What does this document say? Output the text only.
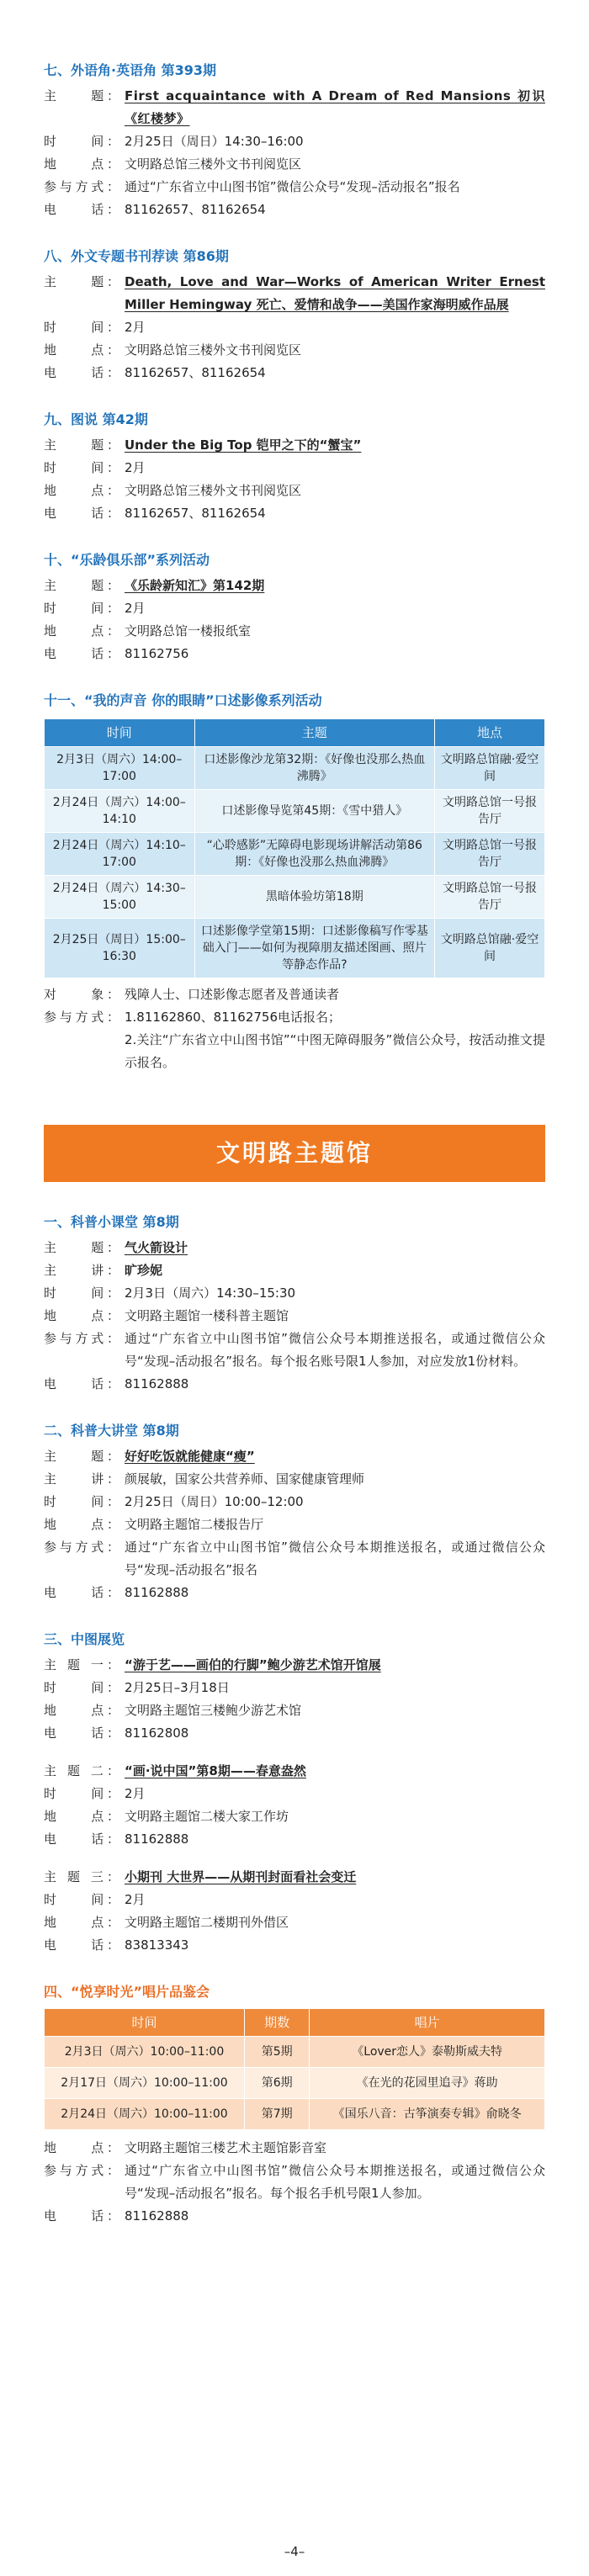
七、外语角·英语角 第393期
主　　题： First acquaintance with A Dream of Red Mansions 初识《红楼梦》
时　　间： 2月25日（周日）14:30–16:00
地　　点： 文明路总馆三楼外文书刊阅览区
参与方式： 通过“广东省立中山图书馆”微信公众号“发现–活动报名”报名
电　　话： 81162657、81162654
八、外文专题书刊荐读 第86期
主　　题： Death, Love and War—Works of American Writer Ernest Miller Hemingway 死亡、爱情和战争——美国作家海明威作品展
时　　间： 2月
地　　点： 文明路总馆三楼外文书刊阅览区
电　　话： 81162657、81162654
九、图说 第42期
主　　题： Under the Big Top 铠甲之下的“蟹宝”
时　　间： 2月
地　　点： 文明路总馆三楼外文书刊阅览区
电　　话： 81162657、81162654
十、“乐龄俱乐部”系列活动
主　　题： 《乐龄新知汇》第142期
时　　间： 2月
地　　点： 文明路总馆一楼报纸室
电　　话： 81162756
十一、“我的声音 你的眼睛”口述影像系列活动
时间	主题	地点
2月3日（周六）14:00–17:00	口述影像沙龙第32期：《好像也没那么热血沸腾》	文明路总馆融·爱空间
2月24日（周六）14:00–14:10	口述影像导览第45期：《雪中猎人》	文明路总馆一号报告厅
2月24日（周六）14:10–17:00	“心聆感影”无障碍电影现场讲解活动第86期：《好像也没那么热血沸腾》	文明路总馆一号报告厅
2月24日（周六）14:30–15:00	黑暗体验坊第18期	文明路总馆一号报告厅
2月25日（周日）15:00–16:30	口述影像学堂第15期：口述影像稿写作零基础入门——如何为视障朋友描述图画、照片等静态作品?	文明路总馆融·爱空间
对　　象： 残障人士、口述影像志愿者及普通读者
参与方式： 1.81162860、81162756电话报名；
2.关注“广东省立中山图书馆”“中图无障碍服务”微信公众号，按活动推文提示报名。
文明路主题馆
一、科普小课堂 第8期
主　　题： 气火箭设计
主　　讲： 旷珍妮
时　　间： 2月3日（周六）14:30–15:30
地　　点： 文明路主题馆一楼科普主题馆
参与方式： 通过“广东省立中山图书馆”微信公众号本期推送报名，或通过微信公众号“发现–活动报名”报名。每个报名账号限1人参加，对应发放1份材料。
电　　话： 81162888
二、科普大讲堂 第8期
主　　题： 好好吃饭就能健康“瘦”
主　　讲： 颜展敏，国家公共营养师、国家健康管理师
时　　间： 2月25日（周日）10:00–12:00
地　　点： 文明路主题馆二楼报告厅
参与方式： 通过“广东省立中山图书馆”微信公众号本期推送报名，或通过微信公众号“发现–活动报名”报名
电　　话： 81162888
三、中图展览
主 题 一： “游于艺——画伯的行脚”鲍少游艺术馆开馆展
时　　间： 2月25日–3月18日
地　　点： 文明路主题馆三楼鲍少游艺术馆
电　　话： 81162808
主 题 二： “画·说中国”第8期——春意盎然
时　　间： 2月
地　　点： 文明路主题馆二楼大家工作坊
电　　话： 81162888
主 题 三： 小期刊 大世界——从期刊封面看社会变迁
时　　间： 2月
地　　点： 文明路主题馆二楼期刊外借区
电　　话： 83813343
四、“悦享时光”唱片品鉴会
时间	期数	唱片
2月3日（周六）10:00–11:00	第5期	《Lover恋人》泰勒斯威夫特
2月17日（周六）10:00–11:00	第6期	《在光的花园里追寻》蒋助
2月24日（周六）10:00–11:00	第7期	《国乐八音：古筝演奏专辑》俞晓冬
地　　点： 文明路主题馆三楼艺术主题馆影音室
参与方式： 通过“广东省立中山图书馆”微信公众号本期推送报名，或通过微信公众号“发现–活动报名”报名。每个报名手机号限1人参加。
电　　话： 81162888
–4–
